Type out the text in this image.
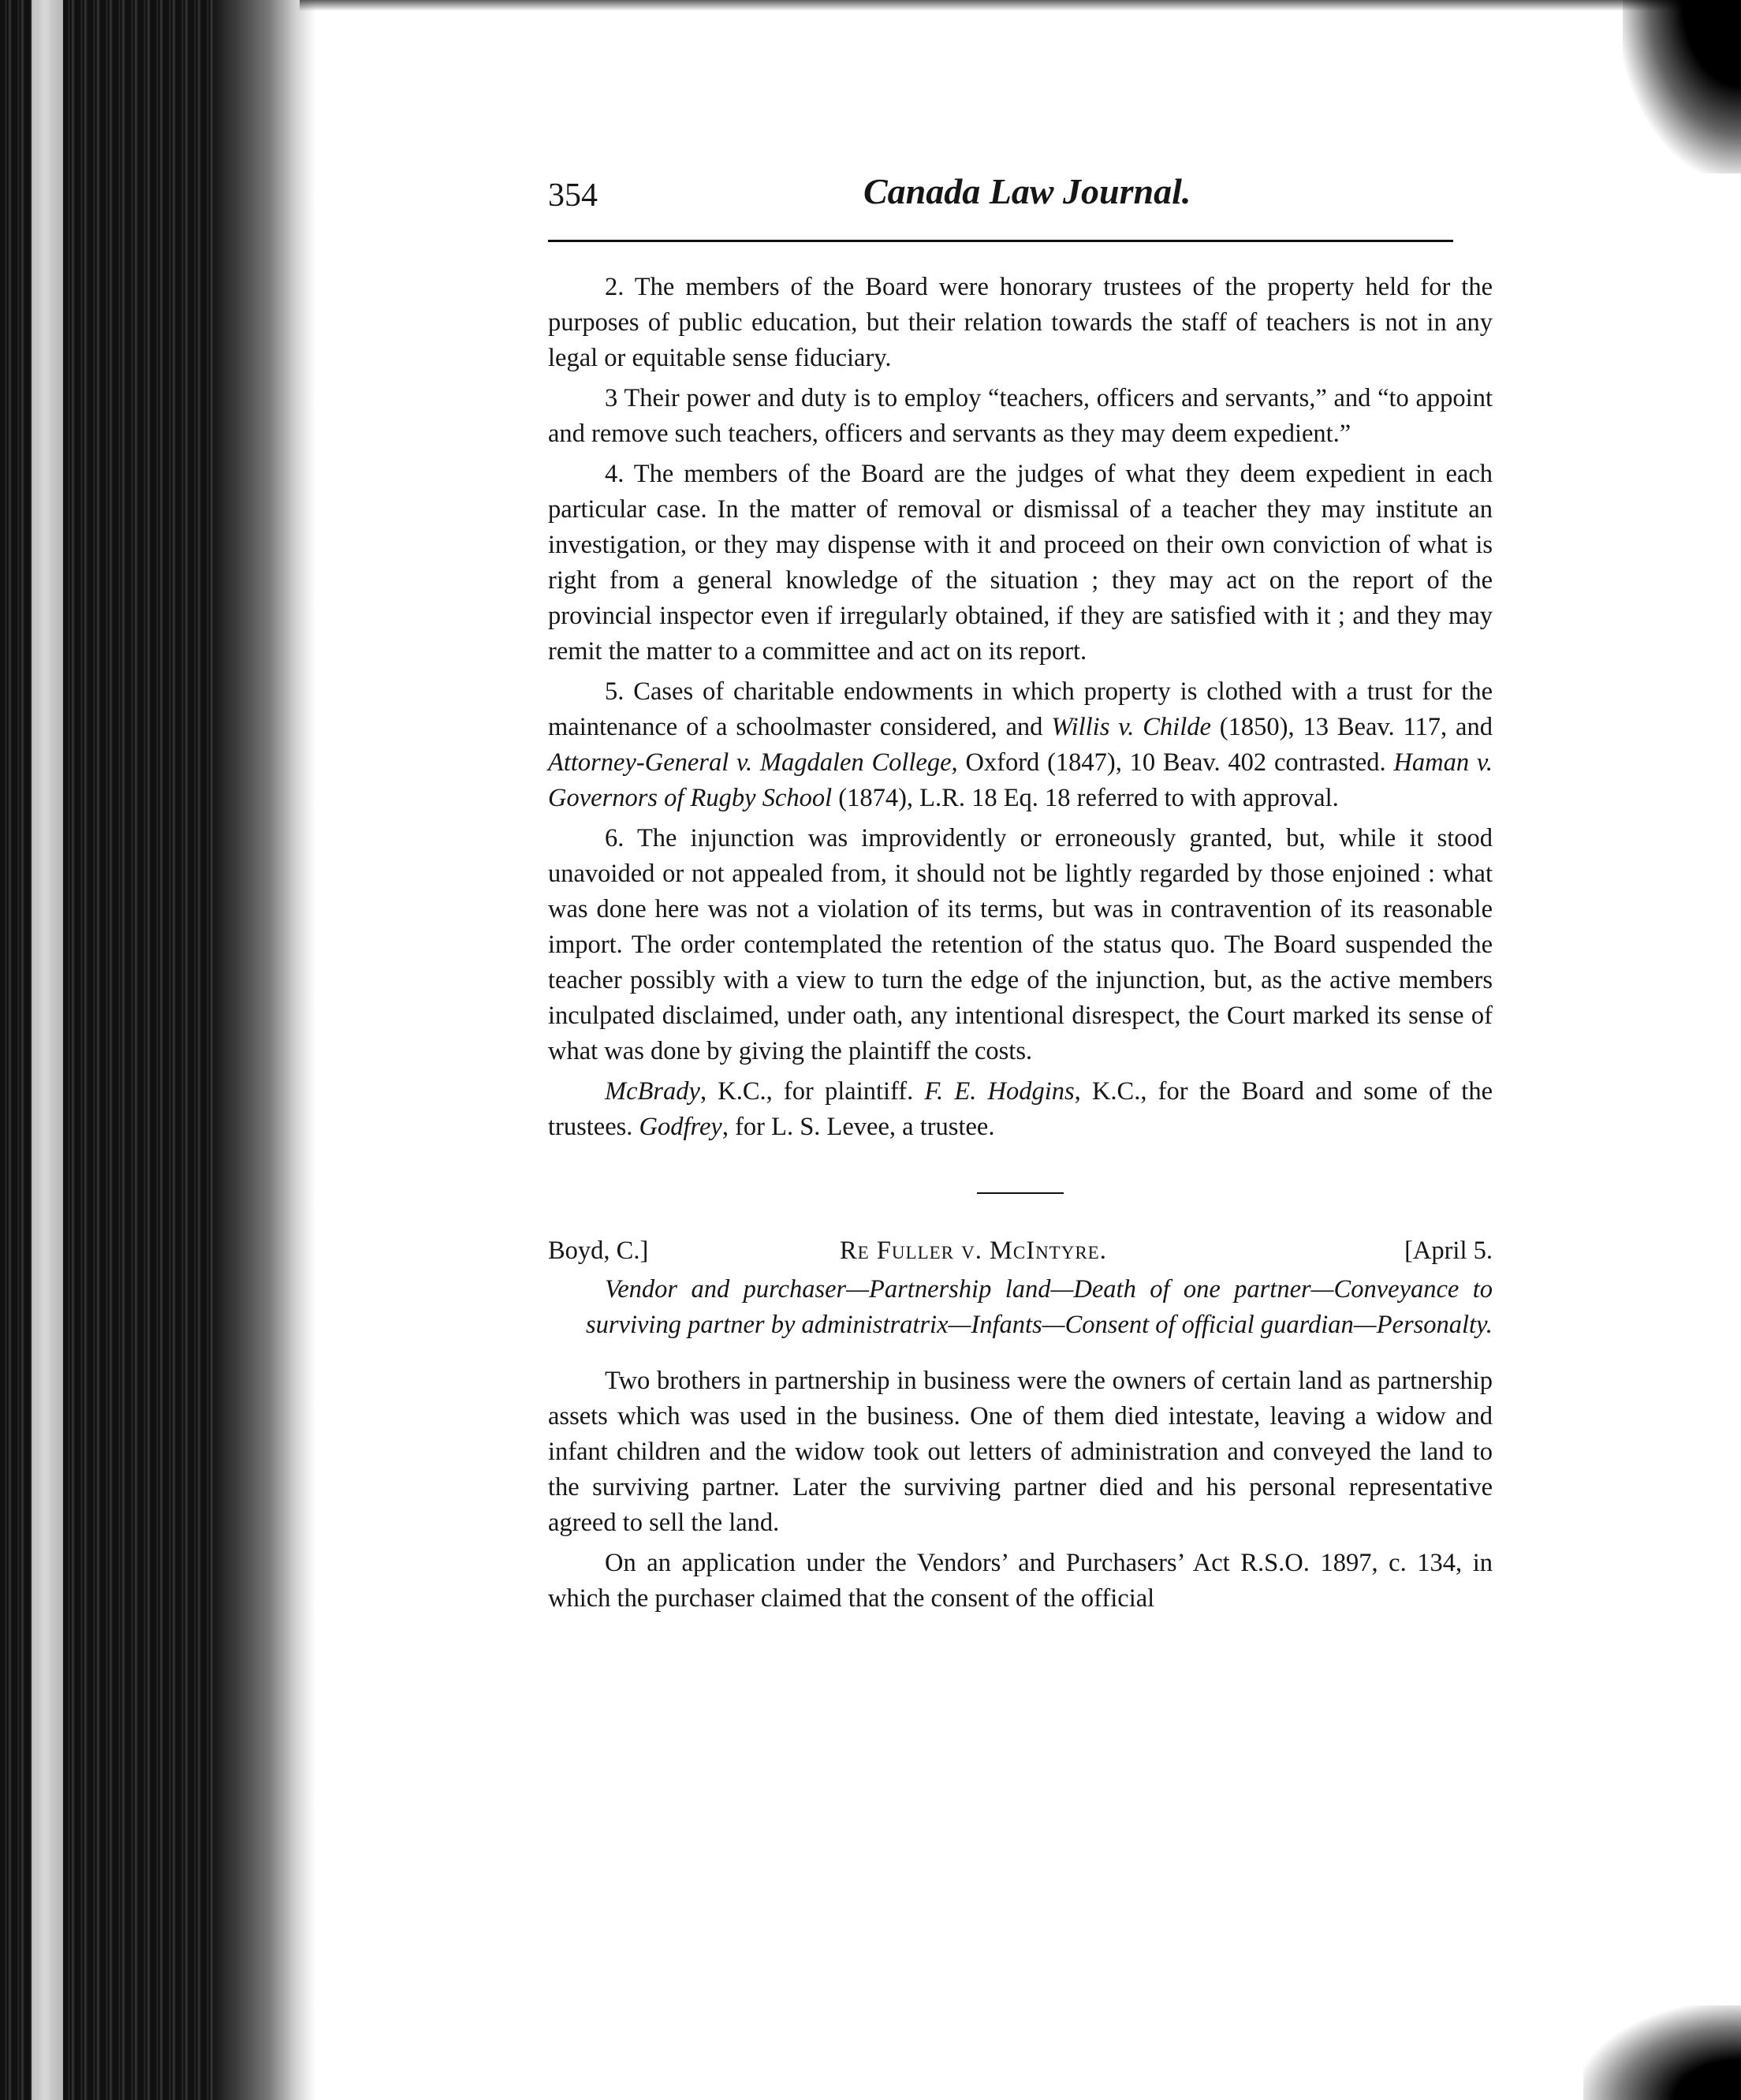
354	Canada Law Journal.

2. The members of the Board were honorary trustees of the property held for the purposes of public education, but their relation towards the staff of teachers is not in any legal or equitable sense fiduciary.

3 Their power and duty is to employ “teachers, officers and servants,” and “to appoint and remove such teachers, officers and servants as they may deem expedient.”

4. The members of the Board are the judges of what they deem expedient in each particular case. In the matter of removal or dismissal of a teacher they may institute an investigation, or they may dispense with it and proceed on their own conviction of what is right from a general knowledge of the situation ; they may act on the report of the provincial inspector even if irregularly obtained, if they are satisfied with it ; and they may remit the matter to a committee and act on its report.

5. Cases of charitable endowments in which property is clothed with a trust for the maintenance of a schoolmaster considered, and Willis v. Childe (1850), 13 Beav. 117, and Attorney-General v. Magdalen College, Oxford (1847), 10 Beav. 402 contrasted. Haman v. Governors of Rugby School (1874), L.R. 18 Eq. 18 referred to with approval.

6. The injunction was improvidently or erroneously granted, but, while it stood unavoided or not appealed from, it should not be lightly regarded by those enjoined : what was done here was not a violation of its terms, but was in contravention of its reasonable import. The order contemplated the retention of the status quo. The Board suspended the teacher possibly with a view to turn the edge of the injunction, but, as the active members inculpated disclaimed, under oath, any intentional disrespect, the Court marked its sense of what was done by giving the plaintiff the costs.

McBrady, K.C., for plaintiff. F. E. Hodgins, K.C., for the Board and some of the trustees. Godfrey, for L. S. Levee, a trustee.

Boyd, C.]	Re Fuller v. McIntyre.	[April 5.

Vendor and purchaser—Partnership land—Death of one partner—Conveyance to surviving partner by administratrix—Infants—Consent of official guardian—Personalty.

Two brothers in partnership in business were the owners of certain land as partnership assets which was used in the business. One of them died intestate, leaving a widow and infant children and the widow took out letters of administration and conveyed the land to the surviving partner. Later the surviving partner died and his personal representative agreed to sell the land.

On an application under the Vendors’ and Purchasers’ Act R.S.O. 1897, c. 134, in which the purchaser claimed that the consent of the official
